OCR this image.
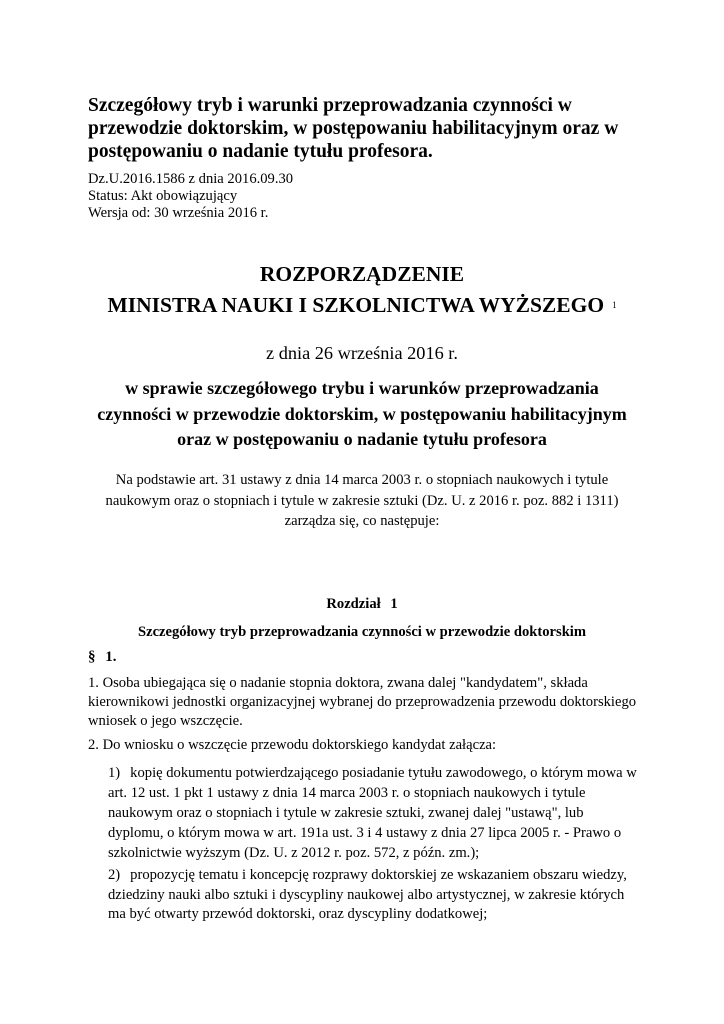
Szczegółowy tryb i warunki przeprowadzania czynności w
przewodzie doktorskim, w postępowaniu habilitacyjnym oraz w
postępowaniu o nadanie tytułu profesora.
Dz.U.2016.1586 z dnia 2016.09.30
Status: Akt obowiązujący
Wersja od: 30 września 2016 r.
ROZPORZĄDZENIE
MINISTRA NAUKI I SZKOLNICTWA WYŻSZEGO $^1$
z dnia 26 września 2016 r.
w sprawie szczegółowego trybu i warunków przeprowadzania
czynności w przewodzie doktorskim, w postępowaniu habilitacyjnym
oraz w postępowaniu o nadanie tytułu profesora
Na podstawie art. 31 ustawy z dnia 14 marca 2003 r. o stopniach naukowych i tytule
naukowym oraz o stopniach i tytule w zakresie sztuki (Dz. U. z 2016 r. poz. 882 i 1311)
zarządza się, co następuje:
Rozdział 1
Szczegółowy tryb przeprowadzania czynności w przewodzie doktorskim
§ 1.
1. Osoba ubiegająca się o nadanie stopnia doktora, zwana dalej "kandydatem", składa
kierownikowi jednostki organizacyjnej wybranej do przeprowadzenia przewodu doktorskiego
wniosek o jego wszczęcie.
2. Do wniosku o wszczęcie przewodu doktorskiego kandydat załącza:
1) kopię dokumentu potwierdzającego posiadanie tytułu zawodowego, o którym mowa w
art. 12 ust. 1 pkt 1 ustawy z dnia 14 marca 2003 r. o stopniach naukowych i tytule
naukowym oraz o stopniach i tytule w zakresie sztuki, zwanej dalej "ustawą", lub
dyplomu, o którym mowa w art. 191a ust. 3 i 4 ustawy z dnia 27 lipca 2005 r. - Prawo o
szkolnictwie wyższym (Dz. U. z 2012 r. poz. 572, z późn. zm.);
2) propozycję tematu i koncepcję rozprawy doktorskiej ze wskazaniem obszaru wiedzy,
dziedziny nauki albo sztuki i dyscypliny naukowej albo artystycznej, w zakresie których
ma być otwarty przewód doktorski, oraz dyscypliny dodatkowej;
